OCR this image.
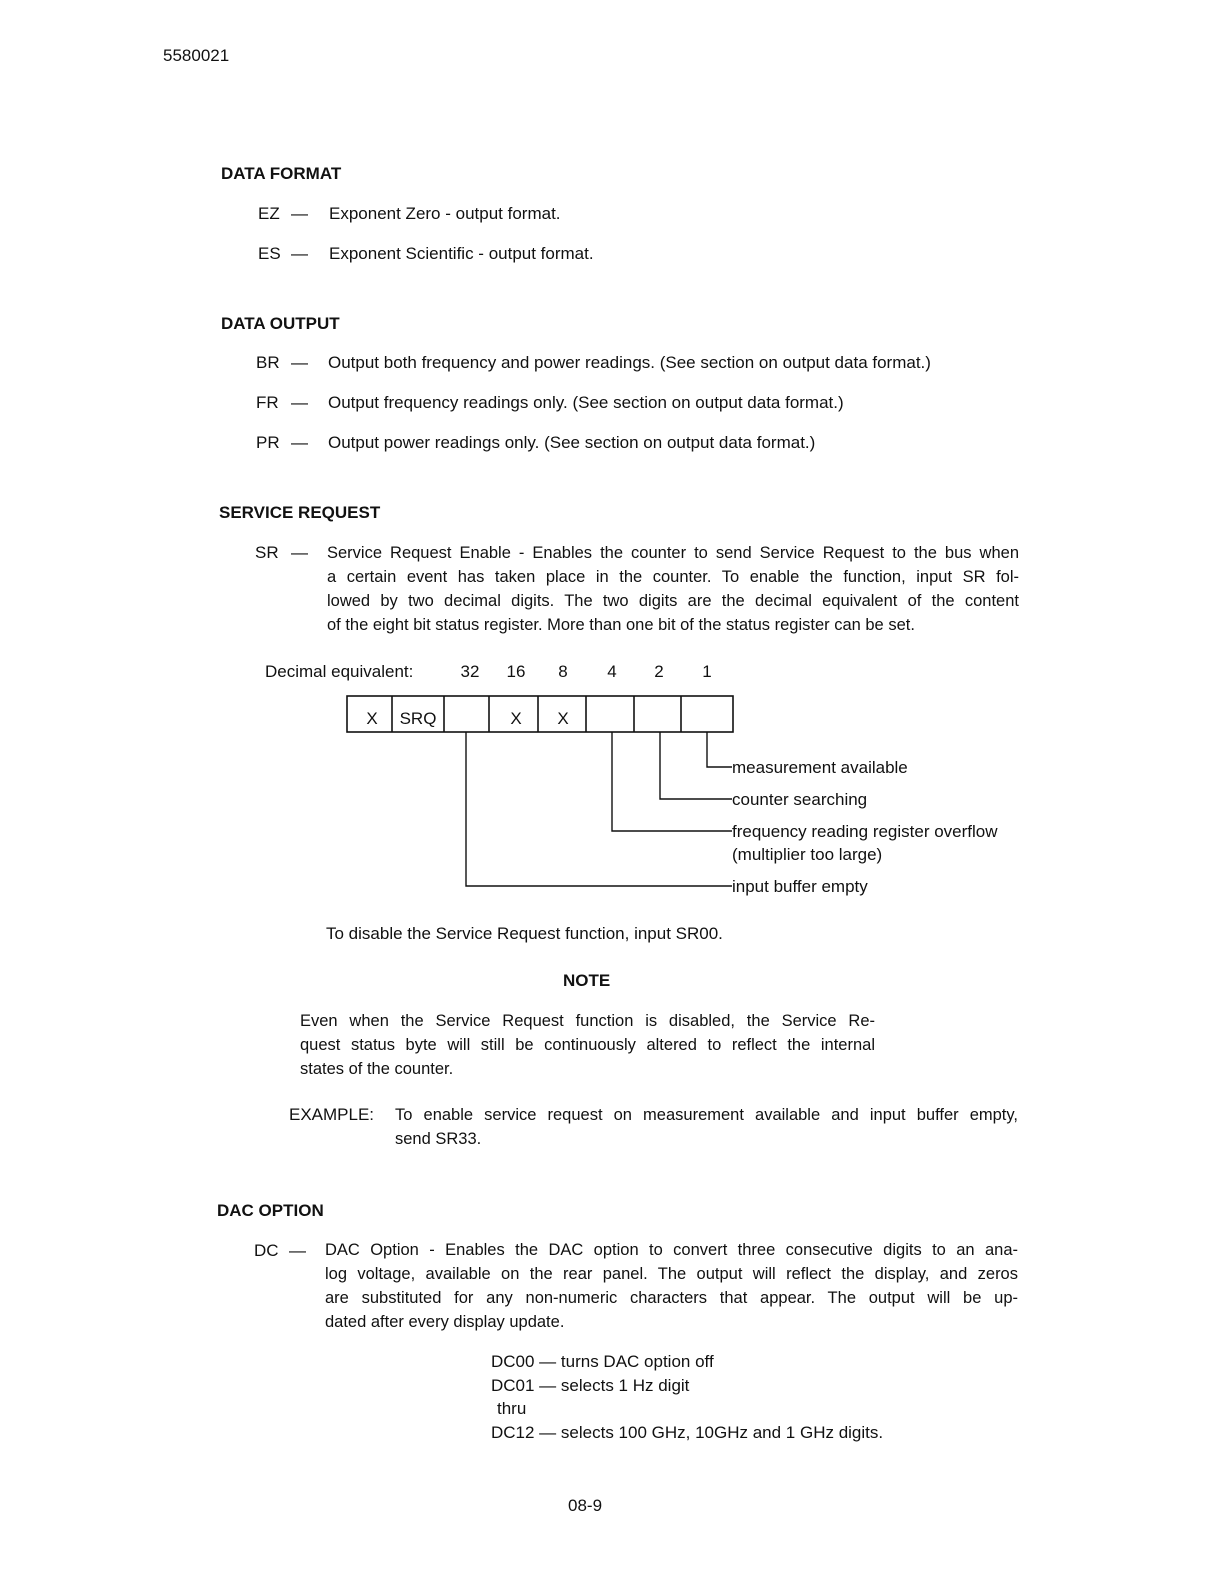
5580021
08-9
DATA FORMAT
EZ — Exponent Zero - output format.
ES — Exponent Scientific - output format.
DATA OUTPUT
BR — Output both frequency and power readings. (See section on output data format.)
FR — Output frequency readings only. (See section on output data format.)
PR — Output power readings only. (See section on output data format.)
SERVICE REQUEST
SR — Service Request Enable - Enables the counter to send Service Request to the bus when
a certain event has taken place in the counter. To enable the function, input SR fol-
lowed by two decimal digits. The two digits are the decimal equivalent of the content
of the eight bit status register. More than one bit of the status register can be set.
Decimal equivalent:	32 16 8 4 2 1
X SRQ	X X
measurement available
counter searching
frequency reading register overflow
(multiplier too large)
input buffer empty
To disable the Service Request function, input SR00.
NOTE
Even when the Service Request function is disabled, the Service Re-
quest status byte will still be continuously altered to reflect the internal
states of the counter.
EXAMPLE: To enable service request on measurement available and input buffer empty,
send SR33.
DAC OPTION
DC — DAC Option - Enables the DAC option to convert three consecutive digits to an ana-
log voltage, available on the rear panel. The output will reflect the display, and zeros
are substituted for any non-numeric characters that appear. The output will be up-
dated after every display update.
DC00 — turns DAC option off
DC01 — selects 1 Hz digit
thru
DC12 — selects 100 GHz, 10GHz and 1 GHz digits.
